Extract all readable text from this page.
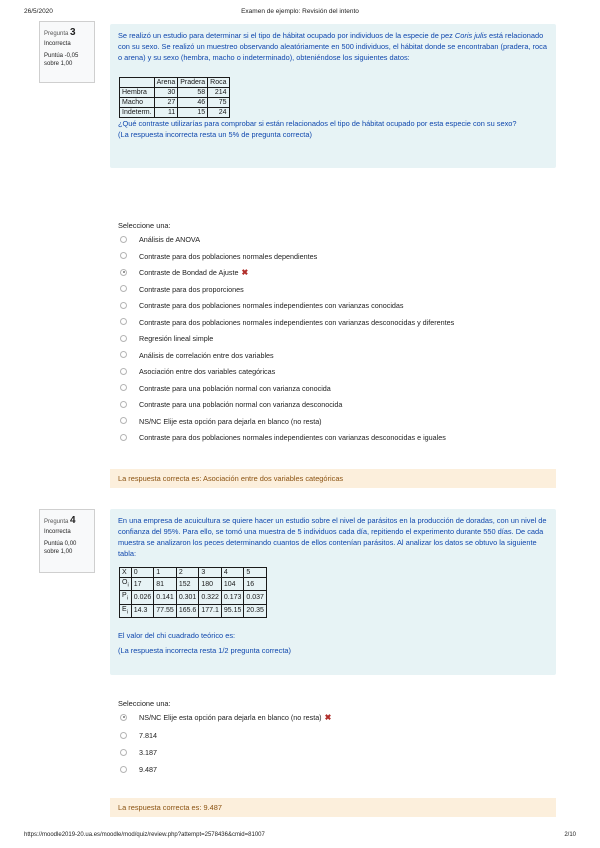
26/5/2020	Examen de ejemplo: Revisión del intento
Pregunta 3
Incorrecta
Puntúa -0,05 sobre 1,00

Se realizó un estudio para determinar si el tipo de hábitat ocupado por individuos de la especie de pez Coris julis está relacionado con su sexo. Se realizó un muestreo observando aleatóriamente en 500 individuos, el hábitat donde se encontraban (pradera, roca o arena) y su sexo (hembra, macho o indeterminado), obteniéndose los siguientes datos:

	Arena	Pradera	Roca
Hembra	30	58	214
Macho	27	46	75
Indeterm.	11	15	24

¿Qué contraste utilizarías para comprobar si están relacionados el tipo de hábitat ocupado por esta especie con su sexo?

(La respuesta incorrecta resta un 5% de pregunta correcta)

Seleccione una:
Análisis de ANOVA
Contraste para dos poblaciones normales dependientes
Contraste de Bondad de Ajuste ✖
Contraste para dos proporciones
Contraste para dos poblaciones normales independientes con varianzas conocidas
Contraste para dos poblaciones normales independientes con varianzas desconocidas y diferentes
Regresión lineal simple
Análisis de correlación entre dos variables
Asociación entre dos variables categóricas
Contraste para una población normal con varianza conocida
Contraste para una población normal con varianza desconocida
NS/NC Elije esta opción para dejarla en blanco (no resta)
Contraste para dos poblaciones normales independientes con varianzas desconocidas e iguales
La respuesta correcta es: Asociación entre dos variables categóricas
Pregunta 4
Incorrecta
Puntúa 0,00 sobre 1,00

En una empresa de acuicultura se quiere hacer un estudio sobre el nivel de parásitos en la producción de doradas, con un nivel de confianza del 95%. Para ello, se tomó una muestra de 5 individuos cada día, repitiendo el experimento durante 550 días. De cada muestra se analizaron los peces determinando cuantos de ellos contenían parásitos. Al analizar los datos se obtuvo la siguiente tabla:

X	0	1	2	3	4	5
$O_i$	17	81	152	180	104	16
$P_i$	0.026	0.141	0.301	0.322	0.173	0.037
$E_i$	14.3	77.55	165.6	177.1	95.15	20.35

El valor del chi cuadrado teórico es:

(La respuesta incorrecta resta 1/2 pregunta correcta)

Seleccione una:
NS/NC Elije esta opción para dejarla en blanco (no resta) ✖
7.814
3.187
9.487
La respuesta correcta es: 9.487
https://moodle2019-20.ua.es/moodle/mod/quiz/review.php?attempt=2578436&cmid=81007	2/10
